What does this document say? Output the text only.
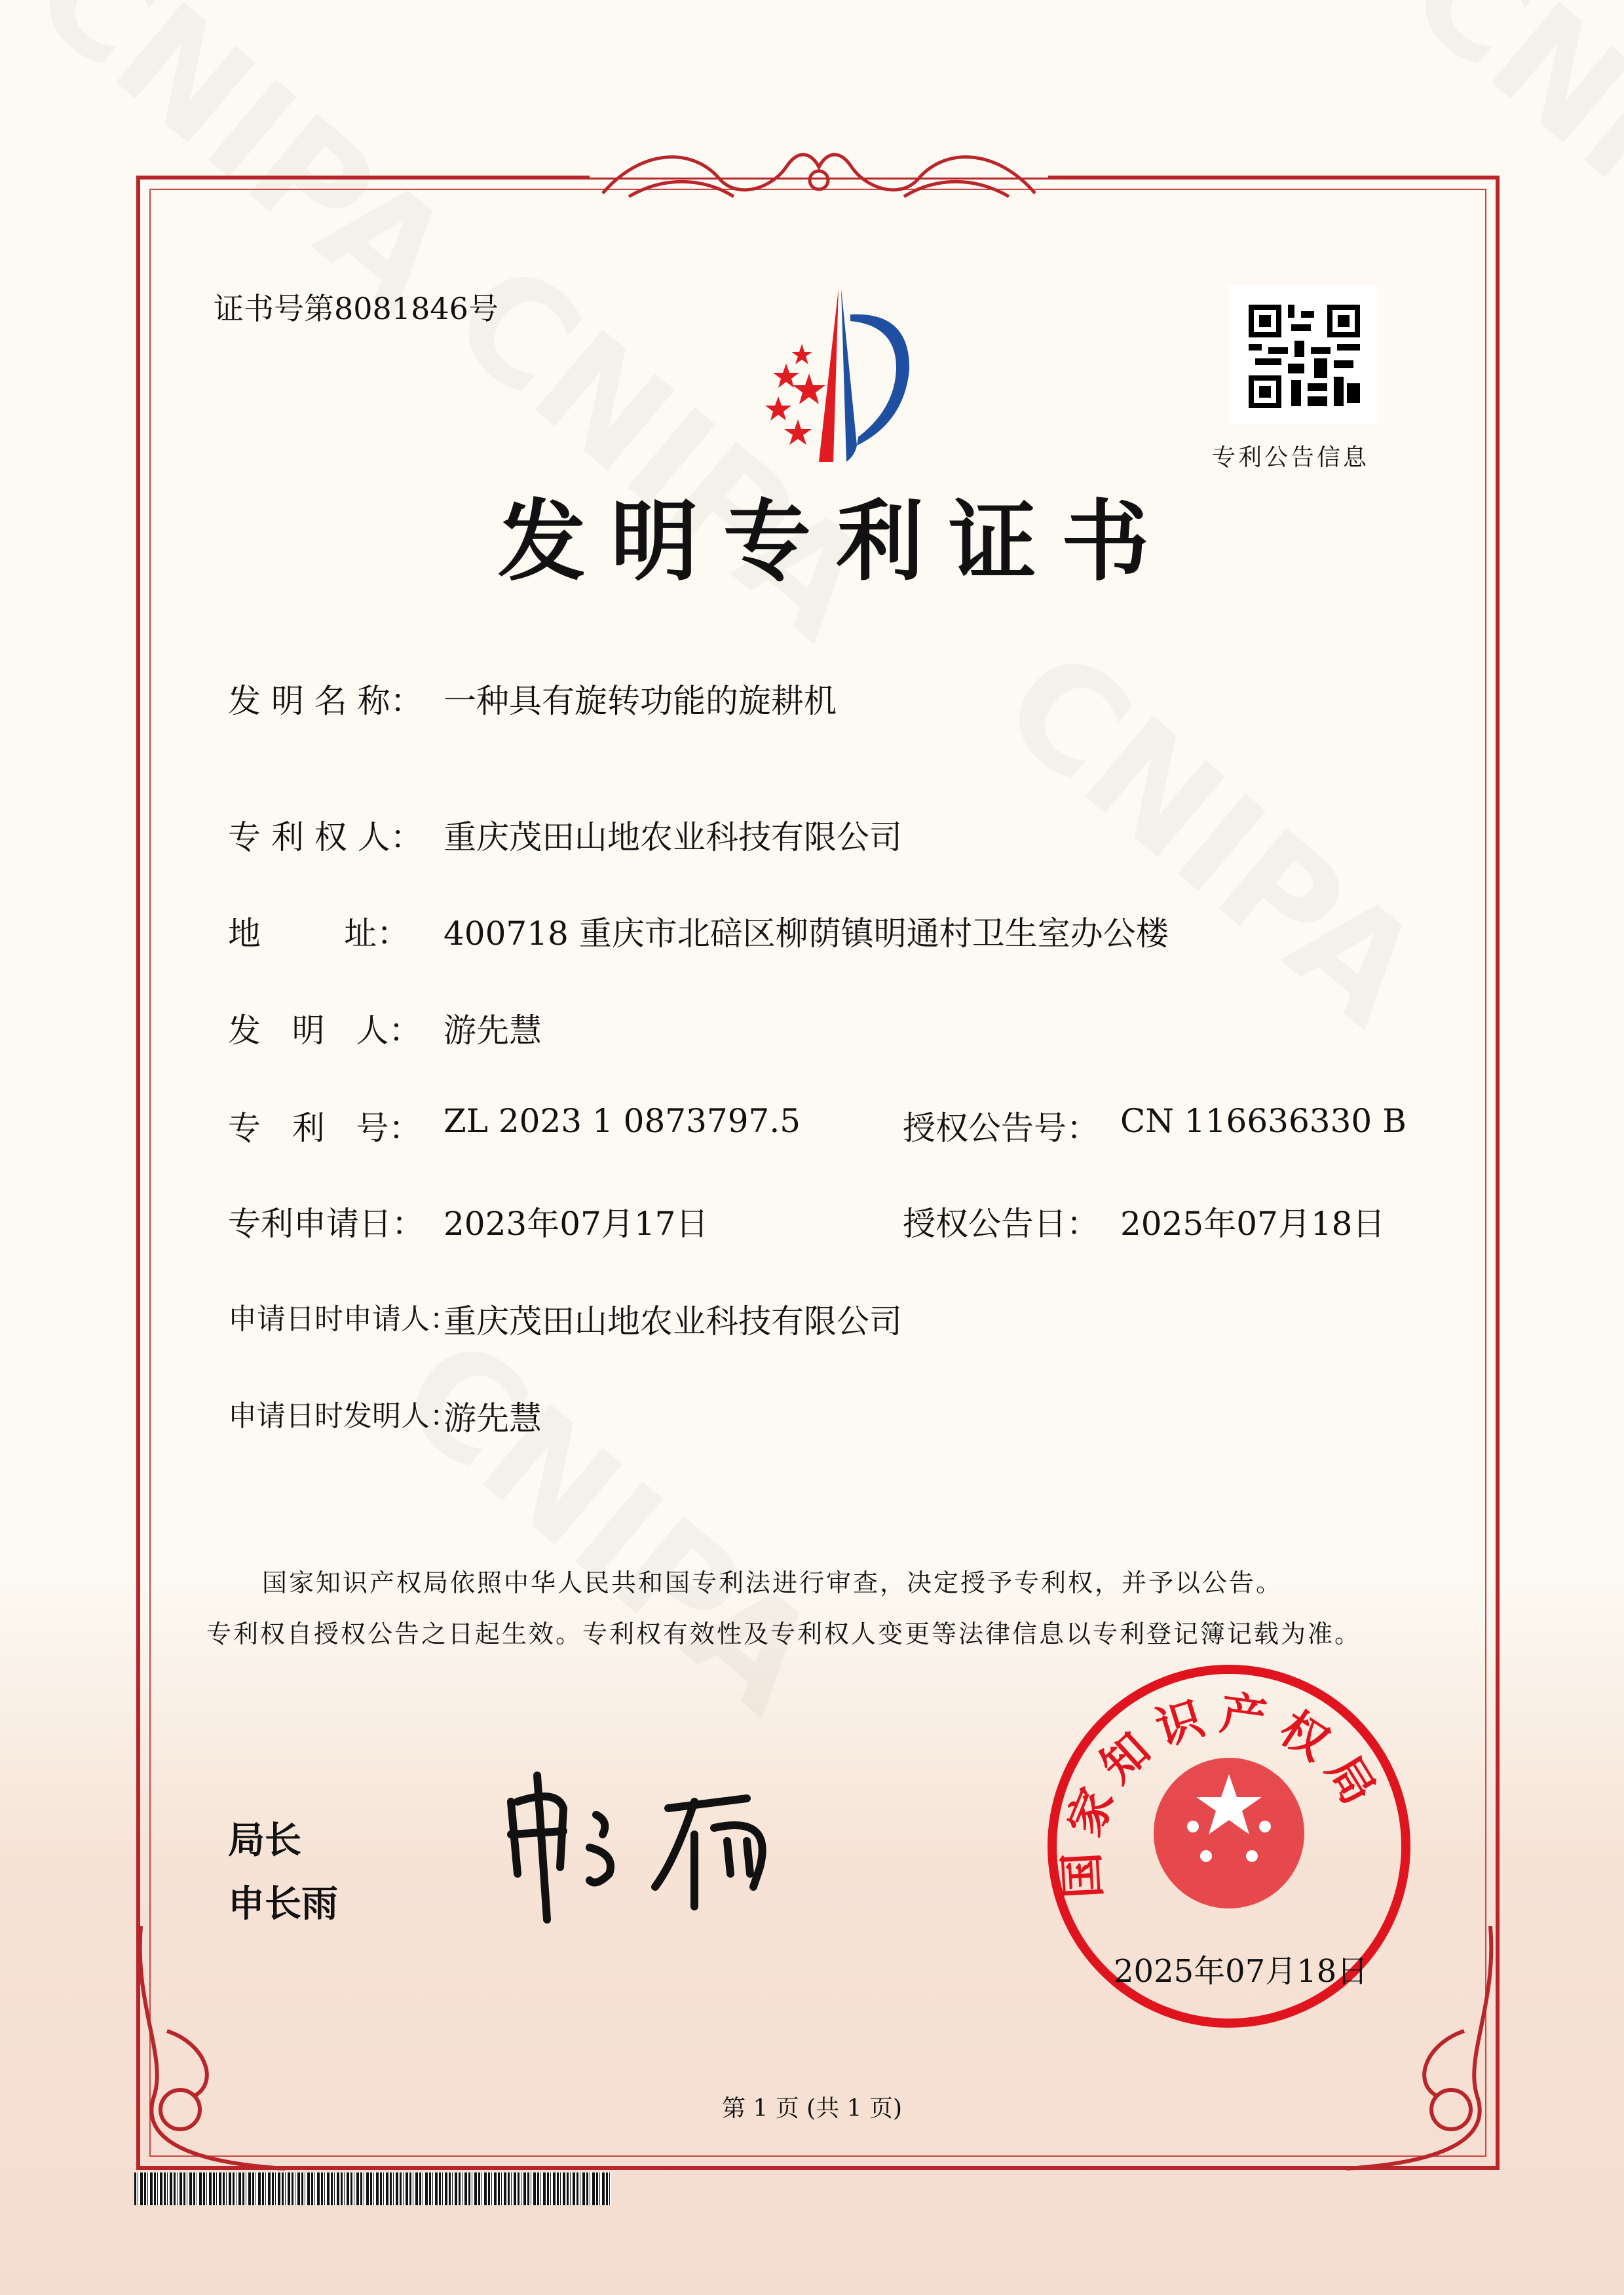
证书号第8081846号
专利公告信息
发明专利证书
发 明 名 称： 一种具有旋转功能的旋耕机
专 利 权 人： 重庆茂田山地农业科技有限公司
地        址： 400718 重庆市北碚区柳荫镇明通村卫生室办公楼
发   明   人： 游先慧
专   利   号： ZL 2023 1 0873797.5	授权公告号： CN 116636330 B
专利申请日： 2023年07月17日	授权公告日： 2025年07月18日
申请日时申请人：
重庆茂田山地农业科技有限公司
申请日时发明人：
游先慧
国家知识产权局依照中华人民共和国专利法进行审查，决定授予专利权，并予以公告。
专利权自授权公告之日起生效。专利权有效性及专利权人变更等法律信息以专利登记簿记载为准。
局长
申长雨
国家知识产权局
2025年07月18日
第 1 页 (共 1 页)
